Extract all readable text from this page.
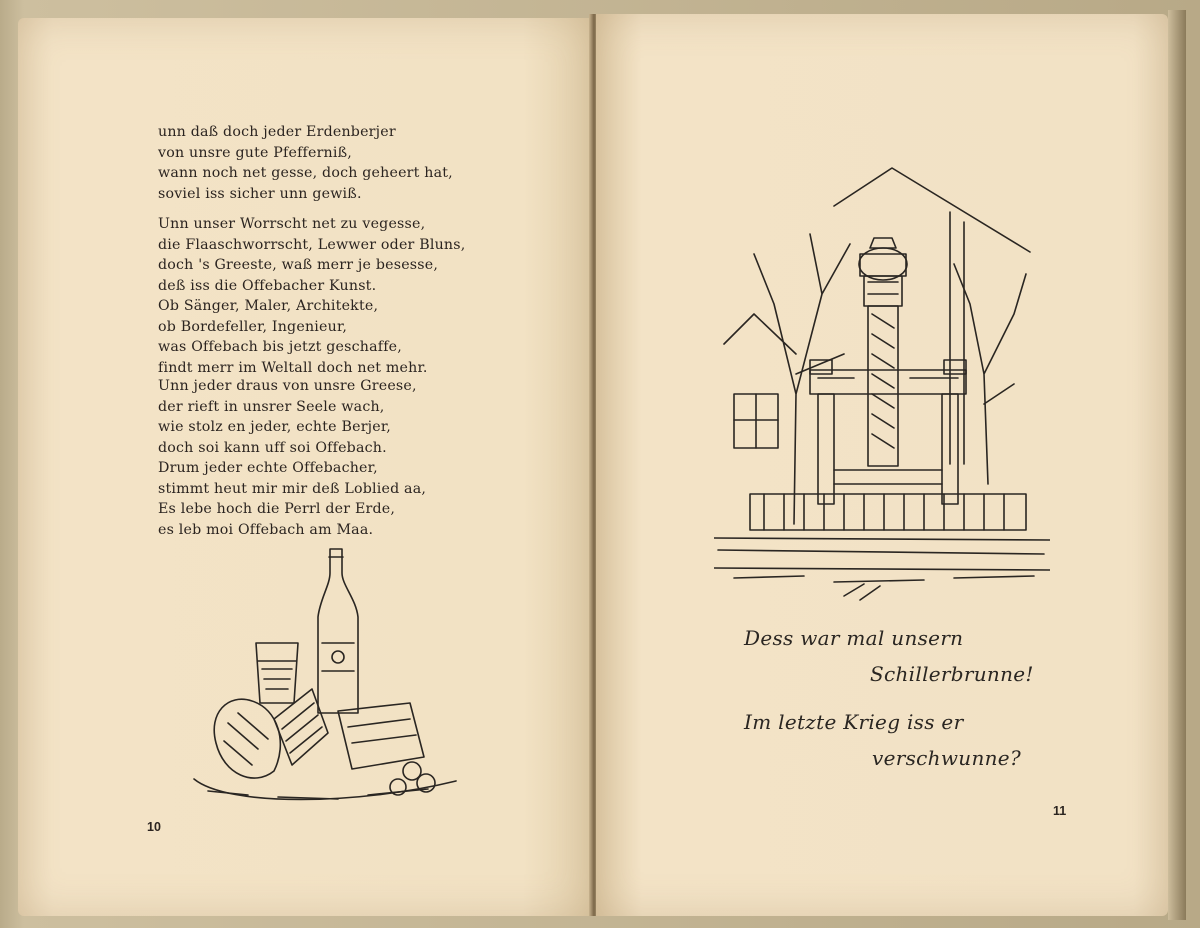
unn daß doch jeder Erdenberjer
von unsre gute Pfefferniß,
wann noch net gesse, doch geheert hat,
soviel iss sicher unn gewiß.
Unn unser Worrscht net zu vegesse,
die Flaaschworrscht, Lewwer oder Bluns,
doch 's Greeste, waß merr je besesse,
deß iss die Offebacher Kunst.
Ob Sänger, Maler, Architekte,
ob Bordefeller, Ingenieur,
was Offebach bis jetzt geschaffe,
findt merr im Weltall doch net mehr.
Unn jeder draus von unsre Greese,
der rieft in unsrer Seele wach,
wie stolz en jeder, echte Berjer,
doch soi kann uff soi Offebach.
Drum jeder echte Offebacher,
stimmt heut mir mir deß Loblied aa,
Es lebe hoch die Perrl der Erde,
es leb moi Offebach am Maa.
10
Dess war mal unsern
Schillerbrunne!
Im letzte Krieg iss er
verschwunne?
11
